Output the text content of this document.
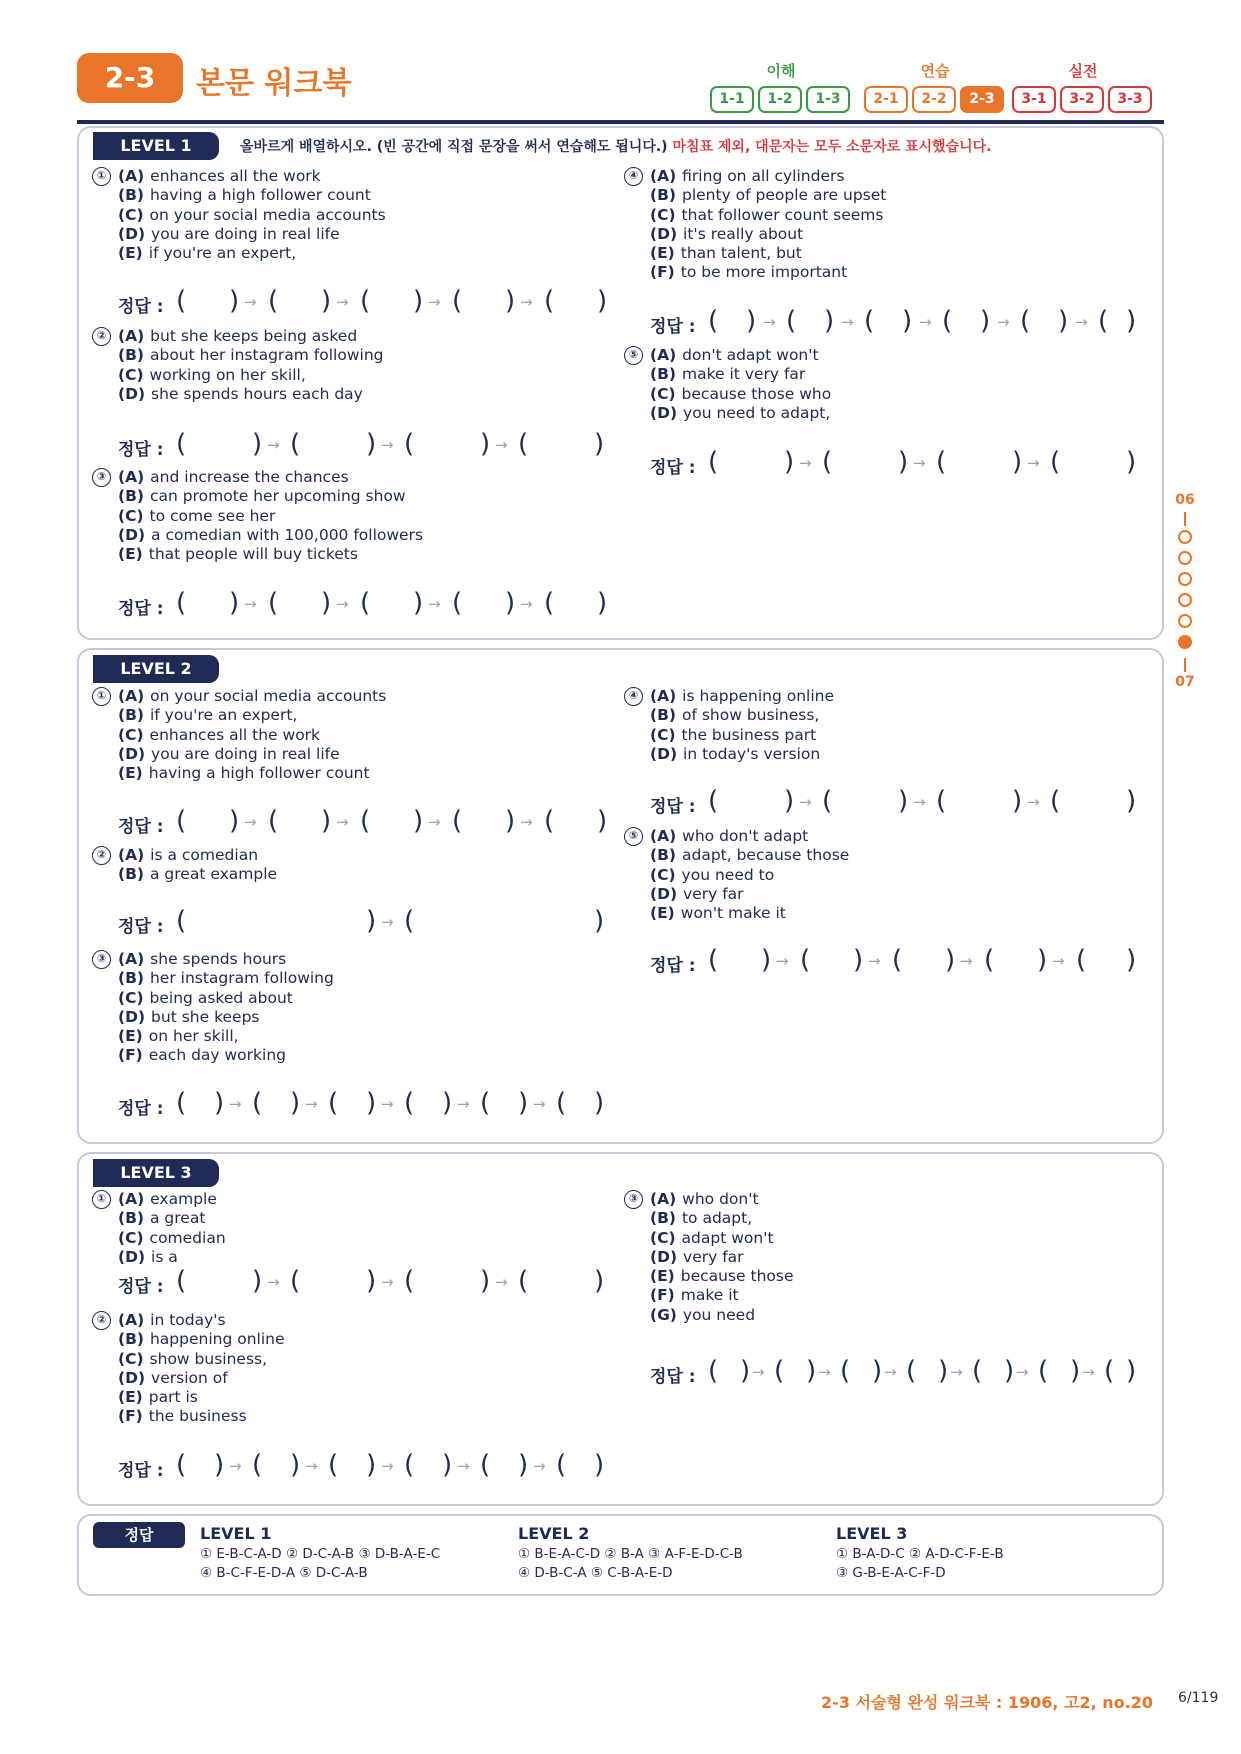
2-3	본문 워크북	이해
1-1	1-2	1-3
연습
2-1	2-2	2-3
실전
3-1	3-2	3-3
LEVEL 1	올바르게 배열하시오. (빈 공간에 직접 문장을 써서 연습해도 됩니다.) 마침표 제외, 대문자는 모두 소문자로 표시했습니다.
LEVEL 2
LEVEL 3
① (A) enhances all the work
(B) having a high follower count
(C) on your social media accounts
(D) you are doing in real life
(E) if you're an expert,
정답 : (	(	(	(	(
)	)	)	)	)
→	→	→	→
② (A) but she keeps being asked
(B) about her instagram following
(C) working on her skill,
(D) she spends hours each day
정답 : (	(	(	(
)	)	)	)
→	→	→
③ (A) and increase the chances
(B) can promote her upcoming show
(C) to come see her
(D) a comedian with 100,000 followers
(E) that people will buy tickets
정답 : (	(	(	(	(
)	)	)	)	)
→	→	→	→
④ (A) firing on all cylinders
(B) plenty of people are upset
(C) that follower count seems
(D) it's really about
(E) than talent, but
(F) to be more important
정답 : (	(	(	(	(	(
)	)	)	)	) )
→	→	→	→	→
⑤ (A) don't adapt won't
(B) make it very far
(C) because those who
(D) you need to adapt,
정답 : (	(	(	(
)	)	)	)
→	→	→
① (A) on your social media accounts
(B) if you're an expert,
(C) enhances all the work
(D) you are doing in real life
(E) having a high follower count
정답 : (	(	(	(	(
)	)	)	)	)
→	→	→	→
② (A) is a comedian
(B) a great example
정답 : (	(
)	)
→
③ (A) she spends hours
(B) her instagram following
(C) being asked about
(D) but she keeps
(E) on her skill,
(F) each day working
정답 : (	(	(	(	(	(
)	)	)	)	)	)
→	→	→	→	→
④ (A) is happening online
(B) of show business,
(C) the business part
(D) in today's version
정답 : (	(	(	(
)	)	)	)
→	→	→
⑤ (A) who don't adapt
(B) adapt, because those
(C) you need to
(D) very far
(E) won't make it
정답 : (	(	(	(	(
)	)	)	)	)
→	→	→	→
① (A) example
(B) a great
(C) comedian
(D) is a
정답 : (	(	(	(
)	)	)	)
→	→	→
② (A) in today's
(B) happening online
(C) show business,
(D) version of
(E) part is
(F) the business
정답 : (	(	(	(	(	(
)	)	)	)	)	)
→	→	→	→	→
③ (A) who don't
(B) to adapt,
(C) adapt won't
(D) very far
(E) because those
(F) make it
(G) you need
정답 : ( ( ( ( ( ( (
) ) ) ) ) ) )
→	→	→	→	→	→
정답	LEVEL 1
① E-B-C-A-D ② D-C-A-B ③ D-B-A-E-C
④ B-C-F-E-D-A ⑤ D-C-A-B
LEVEL 2
① B-E-A-C-D ② B-A ③ A-F-E-D-C-B
④ D-B-C-A ⑤ C-B-A-E-D
LEVEL 3
① B-A-D-C ② A-D-C-F-E-B
③ G-B-E-A-C-F-D
06
07
2-3 서술형 완성 워크북 : 1906, 고2, no.20 6/119
